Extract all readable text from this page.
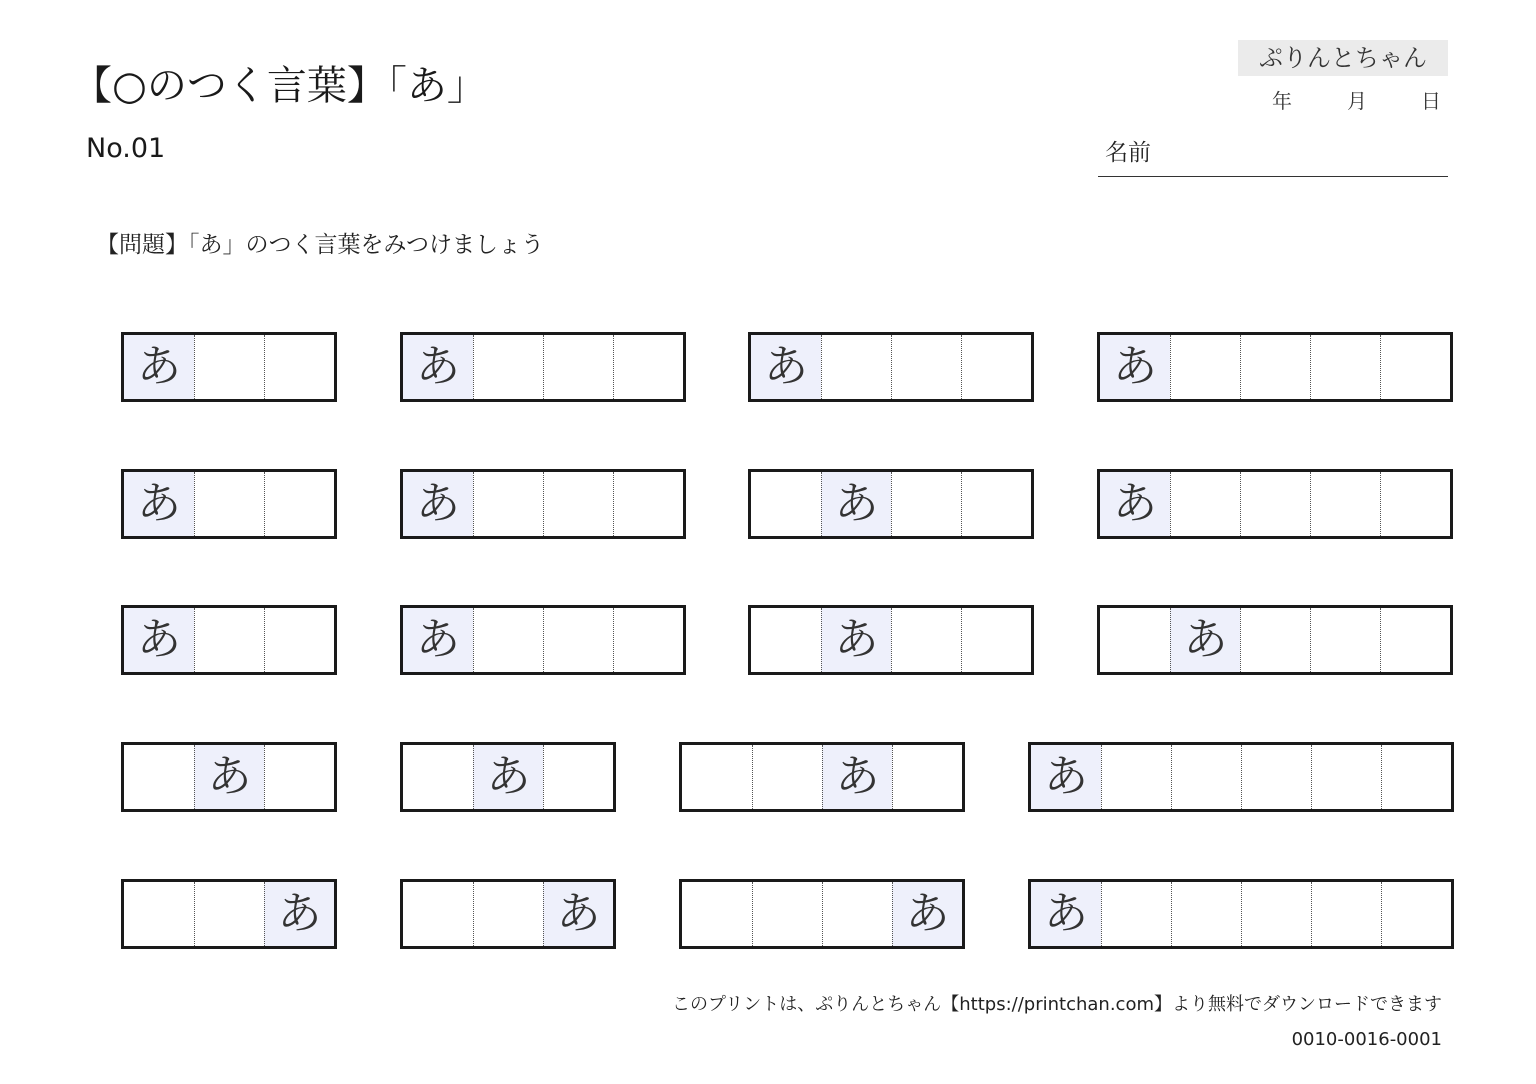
【○のつく言葉】「あ」
No.01
ぷりんとちゃん
年	月	日
名前
【問題】「あ」のつく言葉をみつけましょう
あ	あ	あ	あ
あ	あ	あ	あ
あ	あ	あ	あ
あ	あ	あ	あ
あ	あ	あ あ
このプリントは、ぷりんとちゃん【https://printchan.com】より無料でダウンロードできます
0010-0016-0001
